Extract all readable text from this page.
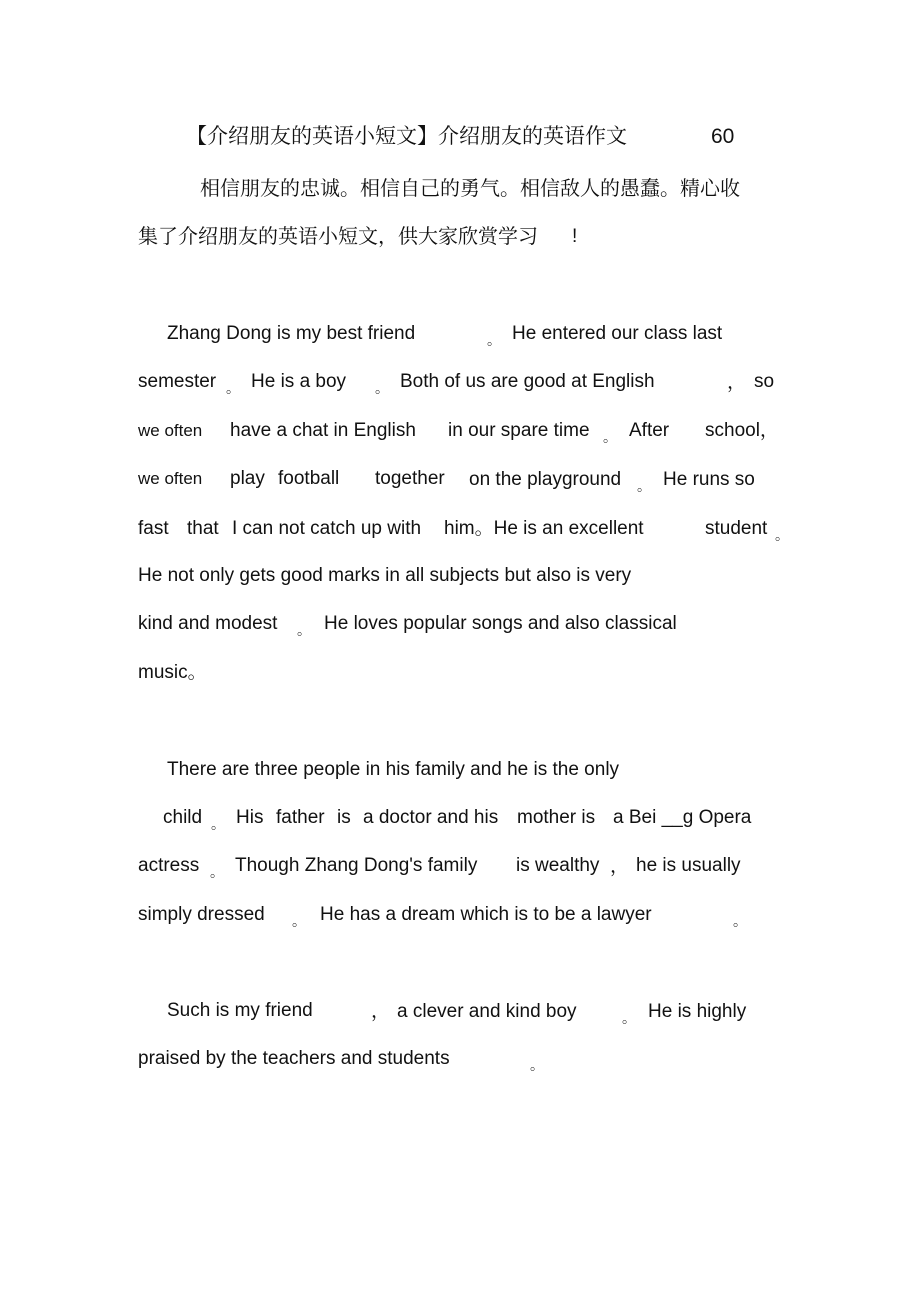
【介绍朋友的英语小短文】介绍朋友的英语作文	60
相信朋友的忠诚。相信自己的勇气。相信敌人的愚蠢。精心收
集了介绍朋友的英语小短文，供大家欣赏学习 !
Zhang Dong is my best friend	。 He entered our class last
semester 。 He is a boy 。 Both of us are good at English	， so
we often have a chat in English in our spare time 。 After school，
we often play football together on the playground 。 He runs so
fast that I can not catch up with him。He is an excellent	student 。
He not only gets good marks in all subjects but also is very
kind and modest 。 He loves popular songs and also classical
music。
There are three people in his family and he is the only
child 。 His father is a doctor and his mother is a Bei __g Opera
actress 。 Though Zhang Dong's family is wealthy ， he is usually
simply dressed 。 He has a dream which is to be a lawyer	。
Such is my friend	， a clever and kind boy	。 He is highly
praised by the teachers and students	。
